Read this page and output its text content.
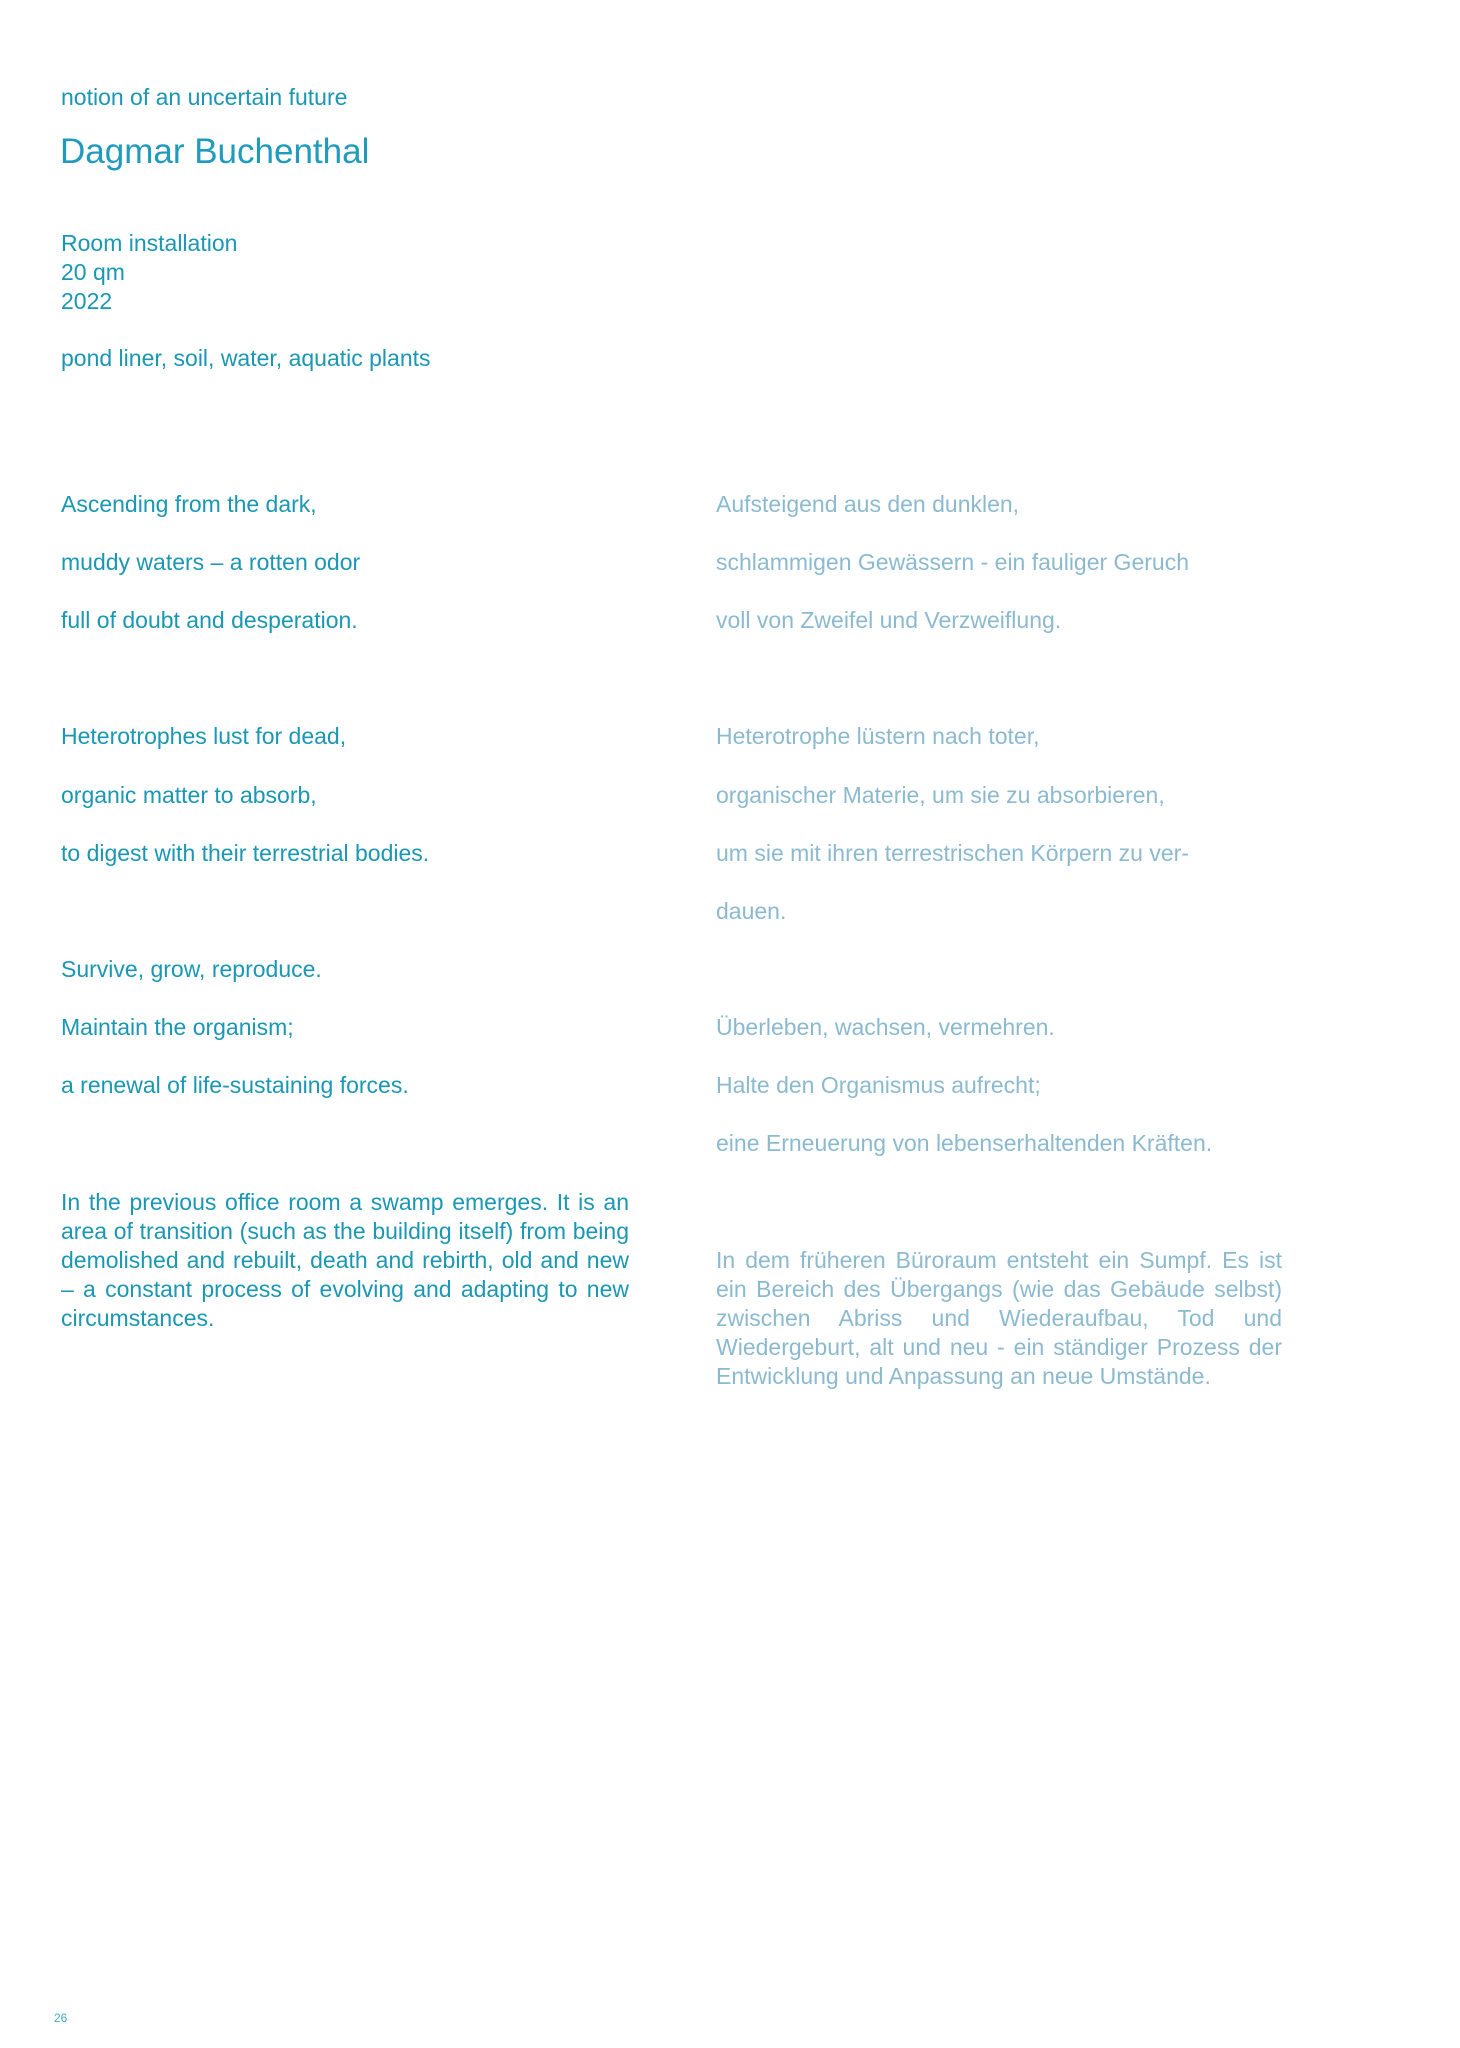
notion of an uncertain future
Dagmar Buchenthal
Room installation
20 qm
2022
pond liner, soil, water, aquatic plants
Ascending from the dark,
muddy waters – a rotten odor
full of doubt and desperation.
Heterotrophes lust for dead,
organic matter to absorb,
to digest with their terrestrial bodies.
Survive, grow, reproduce.
Maintain the organism;
a renewal of life-sustaining forces.
Aufsteigend aus den dunklen,
schlammigen Gewässern - ein fauliger Geruch
voll von Zweifel und Verzweiflung.
Heterotrophe lüstern nach toter,
organischer Materie, um sie zu absorbieren,
um sie mit ihren terrestrischen Körpern zu ver-
dauen.
Überleben, wachsen, vermehren.
Halte den Organismus aufrecht;
eine Erneuerung von lebenserhaltenden Kräften.

In the previous office room a swamp emerges. It is an area of transition (such as the building itself) from being demolished and rebuilt, death and rebirth, old and new – a constant process of evolving and adapting to new circumstances.

In dem früheren Büroraum entsteht ein Sumpf. Es ist ein Bereich des Übergangs (wie das Gebäude selbst) zwischen Abriss und Wiederaufbau, Tod und Wiedergeburt, alt und neu - ein ständiger Prozess der Entwicklung und Anpassung an neue Umstände.

26
